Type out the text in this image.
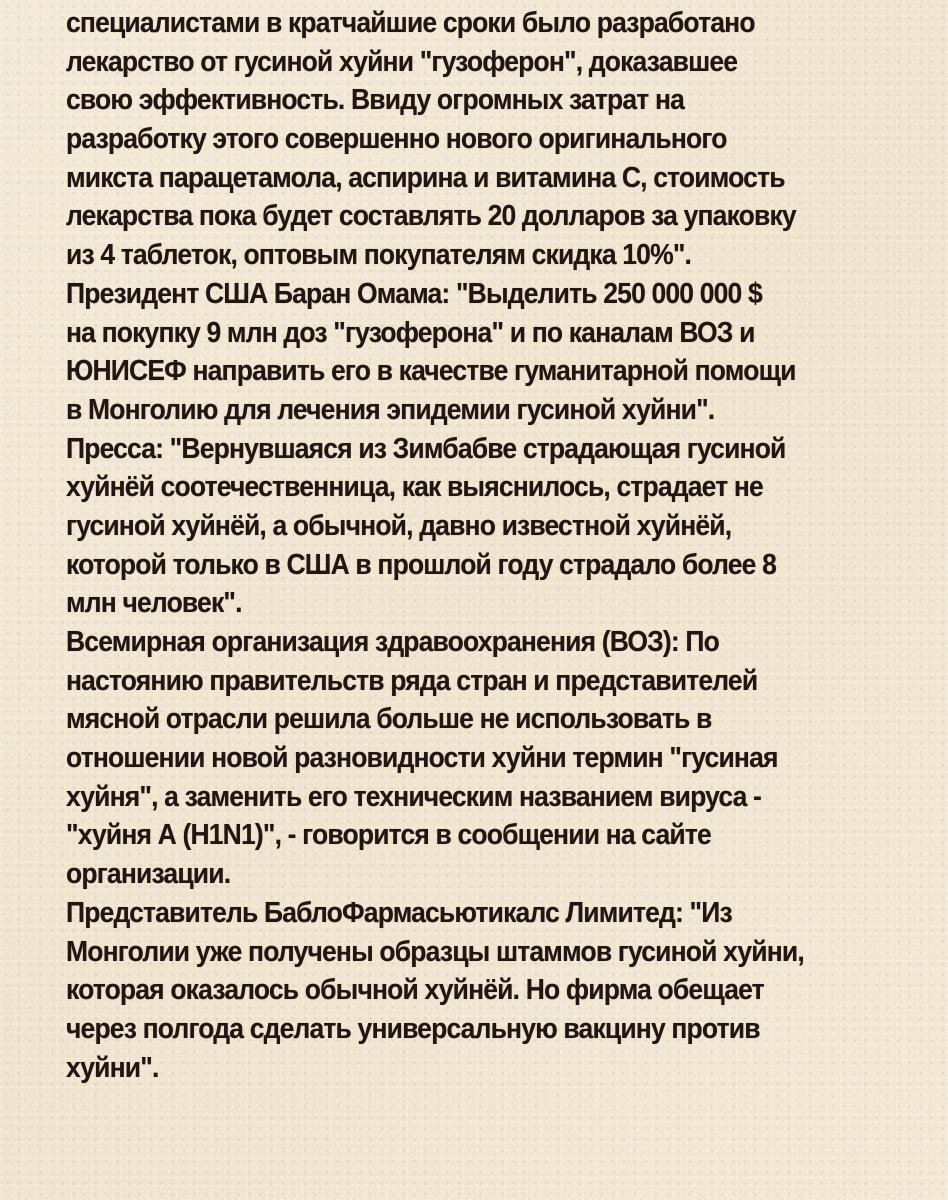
специалистами в кратчайшие сроки было разработано
лекарство от гусиной хуйни "гузоферон", доказавшее
свою эффективность. Ввиду огромных затрат на
разработку этого совершенно нового оригинального
микста парацетамола, аспирина и витамина С, стоимость
лекарства пока будет составлять 20 долларов за упаковку
из 4 таблеток, оптовым покупателям скидка 10%".
Президент США Баран Омама: "Выделить 250 000 000 $
на покупку 9 млн доз "гузоферона" и по каналам ВОЗ и
ЮНИСЕФ направить его в качестве гуманитарной помощи
в Монголию для лечения эпидемии гусиной хуйни".
Пресса: "Вернувшаяся из Зимбабве страдающая гусиной
хуйнёй соотечественница, как выяснилось, страдает не
гусиной хуйнёй, а обычной, давно известной хуйнёй,
которой только в США в прошлой году страдало более 8
млн человек".
Всемирная организация здравоохранения (ВОЗ): По
настоянию правительств ряда стран и представителей
мясной отрасли решила больше не использовать в
отношении новой разновидности хуйни термин "гусиная
хуйня", а заменить его техническим названием вируса -
"хуйня А (H1N1)", - говорится в сообщении на сайте
организации.
Представитель БаблоФармасьютикалс Лимитед: "Из
Монголии уже получены образцы штаммов гусиной хуйни,
которая оказалось обычной хуйнёй. Но фирма обещает
через полгода сделать универсальную вакцину против
хуйни".
